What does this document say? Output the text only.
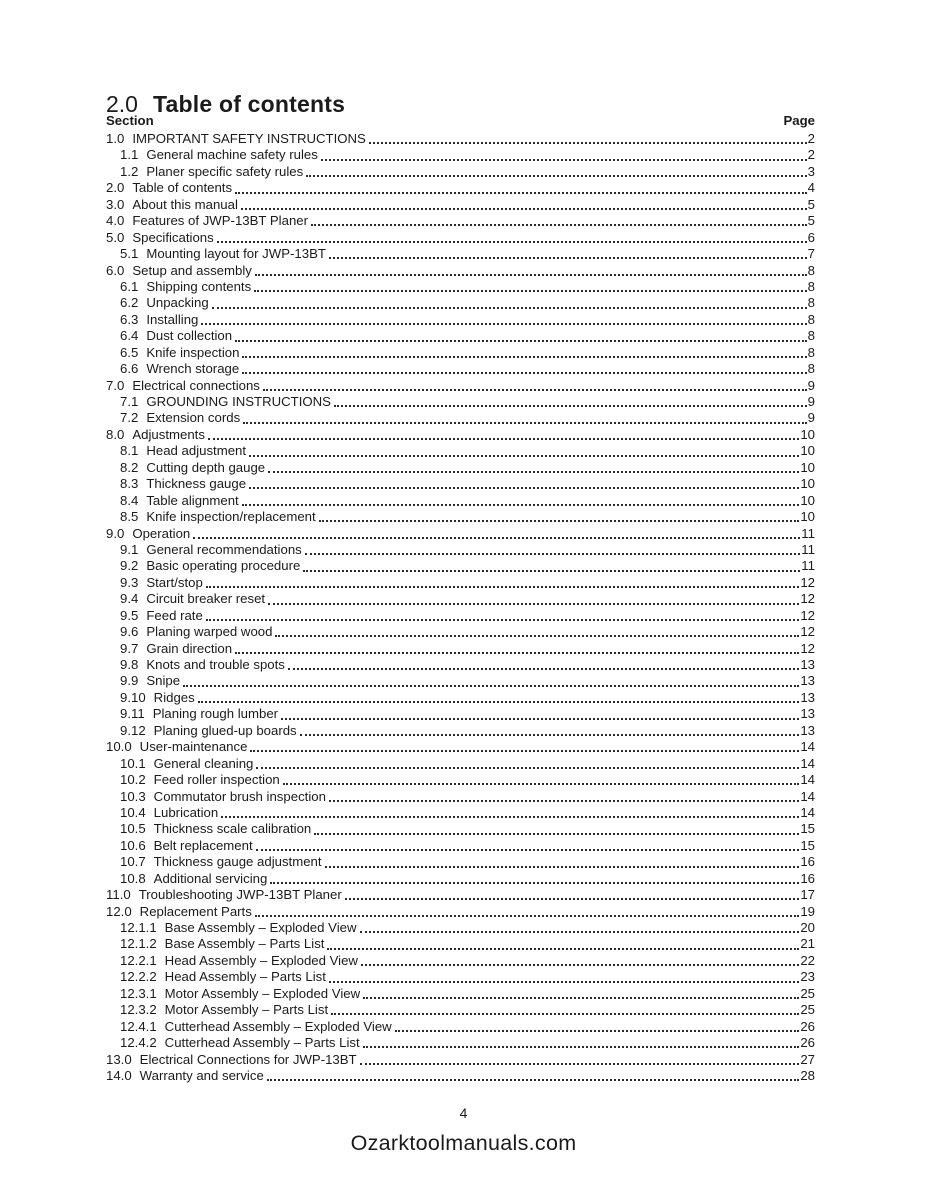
2.0 Table of contents
Section	Page
1.0 IMPORTANT SAFETY INSTRUCTIONS	2
1.1 General machine safety rules	2
1.2 Planer specific safety rules	3
2.0 Table of contents	4
3.0 About this manual	5
4.0 Features of JWP-13BT Planer	5
5.0 Specifications	6
5.1 Mounting layout for JWP-13BT	7
6.0 Setup and assembly	8
6.1 Shipping contents	8
6.2 Unpacking	8
6.3 Installing	8
6.4 Dust collection	8
6.5 Knife inspection	8
6.6 Wrench storage	8
7.0 Electrical connections	9
7.1 GROUNDING INSTRUCTIONS	9
7.2 Extension cords	9
8.0 Adjustments	10
8.1 Head adjustment	10
8.2 Cutting depth gauge	10
8.3 Thickness gauge	10
8.4 Table alignment	10
8.5 Knife inspection/replacement	10
9.0 Operation	11
9.1 General recommendations	11
9.2 Basic operating procedure	11
9.3 Start/stop	12
9.4 Circuit breaker reset	12
9.5 Feed rate	12
9.6 Planing warped wood	12
9.7 Grain direction	12
9.8 Knots and trouble spots	13
9.9 Snipe	13
9.10 Ridges	13
9.11 Planing rough lumber	13
9.12 Planing glued-up boards	13
10.0 User-maintenance	14
10.1 General cleaning	14
10.2 Feed roller inspection	14
10.3 Commutator brush inspection	14
10.4 Lubrication	14
10.5 Thickness scale calibration	15
10.6 Belt replacement	15
10.7 Thickness gauge adjustment	16
10.8 Additional servicing	16
11.0 Troubleshooting JWP-13BT Planer	17
12.0 Replacement Parts	19
12.1.1 Base Assembly – Exploded View	20
12.1.2 Base Assembly – Parts List	21
12.2.1 Head Assembly – Exploded View	22
12.2.2 Head Assembly – Parts List	23
12.3.1 Motor Assembly – Exploded View	25
12.3.2 Motor Assembly – Parts List	25
12.4.1 Cutterhead Assembly – Exploded View	26
12.4.2 Cutterhead Assembly – Parts List	26
13.0 Electrical Connections for JWP-13BT	27
14.0 Warranty and service	28
4
Ozarktoolmanuals.com
